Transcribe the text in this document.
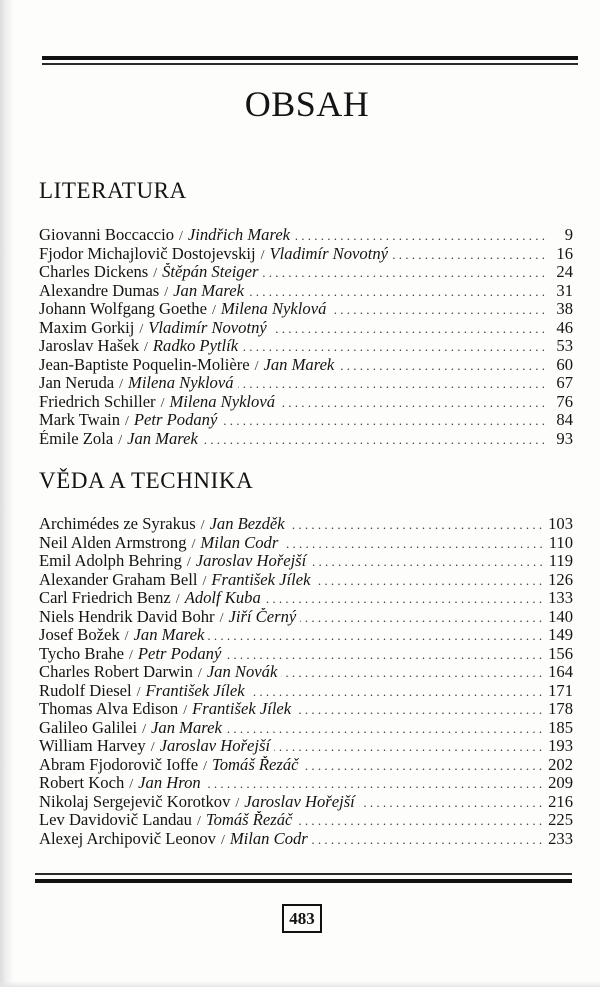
OBSAH
LITERATURA
Giovanni Boccaccio / Jindřich Marek . . .	9
Fjodor Michajlovič Dostojevskij / Vladimír Novotný . . .	16
Charles Dickens / Štěpán Steiger . . .	24
Alexandre Dumas / Jan Marek . . .	31
Johann Wolfgang Goethe / Milena Nyklová . . .	38
Maxim Gorkij / Vladimír Novotný . . .	46
Jaroslav Hašek / Radko Pytlík . . .	53
Jean-Baptiste Poquelin-Molière / Jan Marek . . .	60
Jan Neruda / Milena Nyklová . . .	67
Friedrich Schiller / Milena Nyklová . . .	76
Mark Twain / Petr Podaný . . .	84
Émile Zola / Jan Marek . . .	93
VĚDA A TECHNIKA
Archimédes ze Syrakus / Jan Bezděk . . .	103
Neil Alden Armstrong / Milan Codr . . .	110
Emil Adolph Behring / Jaroslav Hořejší . . .	119
Alexander Graham Bell / František Jílek . . .	126
Carl Friedrich Benz / Adolf Kuba . . .	133
Niels Hendrik David Bohr / Jiří Černý . . .	140
Josef Božek / Jan Marek . . .	149
Tycho Brahe / Petr Podaný . . .	156
Charles Robert Darwin / Jan Novák . . .	164
Rudolf Diesel / František Jílek . . .	171
Thomas Alva Edison / František Jílek . . .	178
Galileo Galilei / Jan Marek . . .	185
William Harvey / Jaroslav Hořejší . . .	193
Abram Fjodorovič Ioffe / Tomáš Řezáč . . .	202
Robert Koch / Jan Hron . . .	209
Nikolaj Sergejevič Korotkov / Jaroslav Hořejší . . .	216
Lev Davidovič Landau / Tomáš Řezáč . . .	225
Alexej Archipovič Leonov / Milan Codr . . .	233
483
